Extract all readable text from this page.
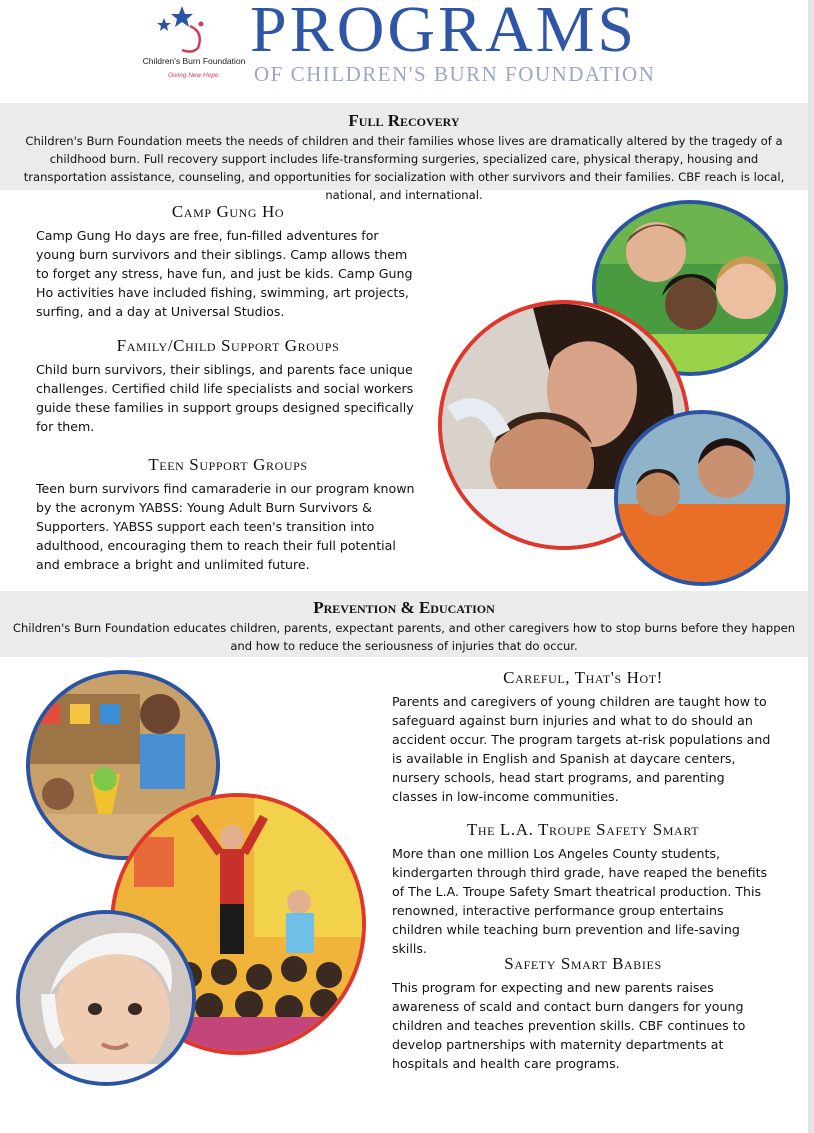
Children's Burn Foundation
Giving New Hope
PROGRAMS
OF CHILDREN'S BURN FOUNDATION
Full Recovery

Children's Burn Foundation meets the needs of children and their families whose lives are dramatically altered by the tragedy of a childhood burn. Full recovery support includes life-transforming surgeries, specialized care, physical therapy, housing and transportation assistance, counseling, and opportunities for socialization with other survivors and their families. CBF reach is local, national, and international.

Camp Gung Ho

Camp Gung Ho days are free, fun-filled adventures for young burn survivors and their siblings. Camp allows them to forget any stress, have fun, and just be kids. Camp Gung Ho activities have included fishing, swimming, art projects, surfing, and a day at Universal Studios.

Family/Child Support Groups

Child burn survivors, their siblings, and parents face unique challenges. Certified child life specialists and social workers guide these families in support groups designed specifically for them.

Teen Support Groups

Teen burn survivors find camaraderie in our program known by the acronym YABSS: Young Adult Burn Survivors & Supporters. YABSS support each teen's transition into adulthood, encouraging them to reach their full potential and embrace a bright and unlimited future.

Prevention & Education

Children's Burn Foundation educates children, parents, expectant parents, and other caregivers how to stop burns before they happen and how to reduce the seriousness of injuries that do occur.

Careful, That's Hot!

Parents and caregivers of young children are taught how to safeguard against burn injuries and what to do should an accident occur. The program targets at-risk populations and is available in English and Spanish at daycare centers, nursery schools, head start programs, and parenting classes in low-income communities.

The L.A. Troupe Safety Smart

More than one million Los Angeles County students, kindergarten through third grade, have reaped the benefits of The L.A. Troupe Safety Smart theatrical production. This renowned, interactive performance group entertains children while teaching burn prevention and life-saving skills.

Safety Smart Babies

This program for expecting and new parents raises awareness of scald and contact burn dangers for young children and teaches prevention skills. CBF continues to develop partnerships with maternity departments at hospitals and health care programs.
